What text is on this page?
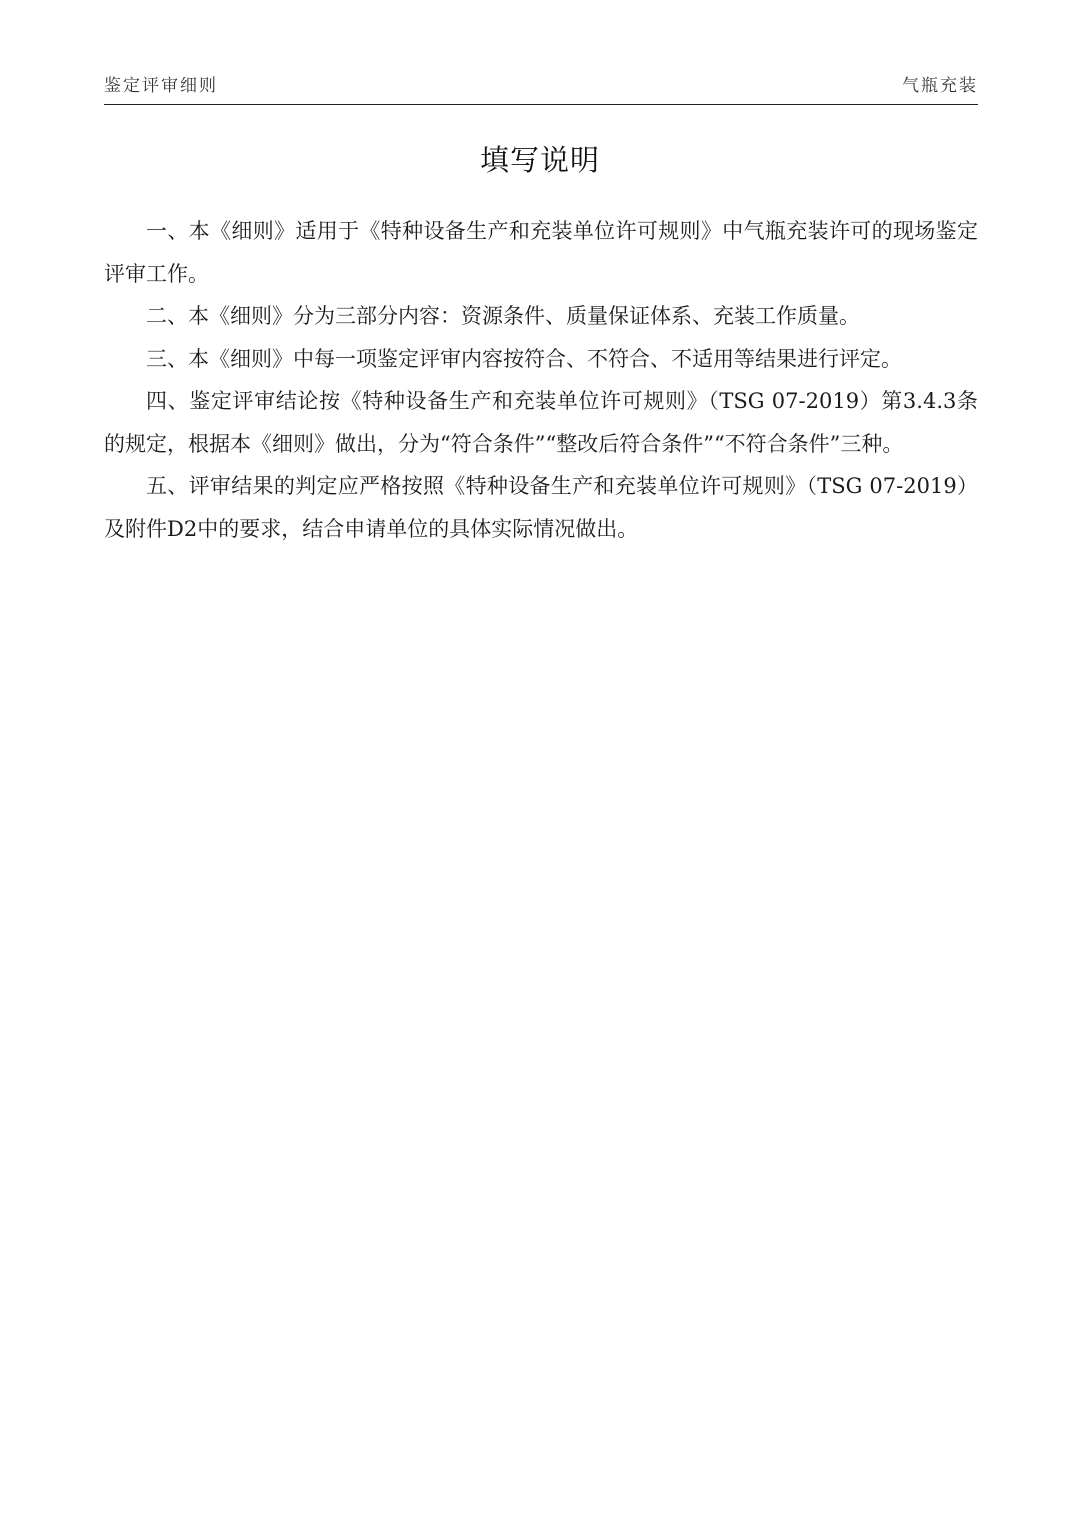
鉴定评审细则	气瓶充装
填写说明

一、本《细则》适用于《特种设备生产和充装单位许可规则》中气瓶充装许可的现场鉴定评审工作。

二、本《细则》分为三部分内容：资源条件、质量保证体系、充装工作质量。

三、本《细则》中每一项鉴定评审内容按符合、不符合、不适用等结果进行评定。

四、鉴定评审结论按《特种设备生产和充装单位许可规则》（TSG 07-2019）第3.4.3条的规定，根据本《细则》做出，分为“符合条件”“整改后符合条件”“不符合条件”三种。

五、评审结果的判定应严格按照《特种设备生产和充装单位许可规则》（TSG 07-2019）及附件D2中的要求，结合申请单位的具体实际情况做出。
